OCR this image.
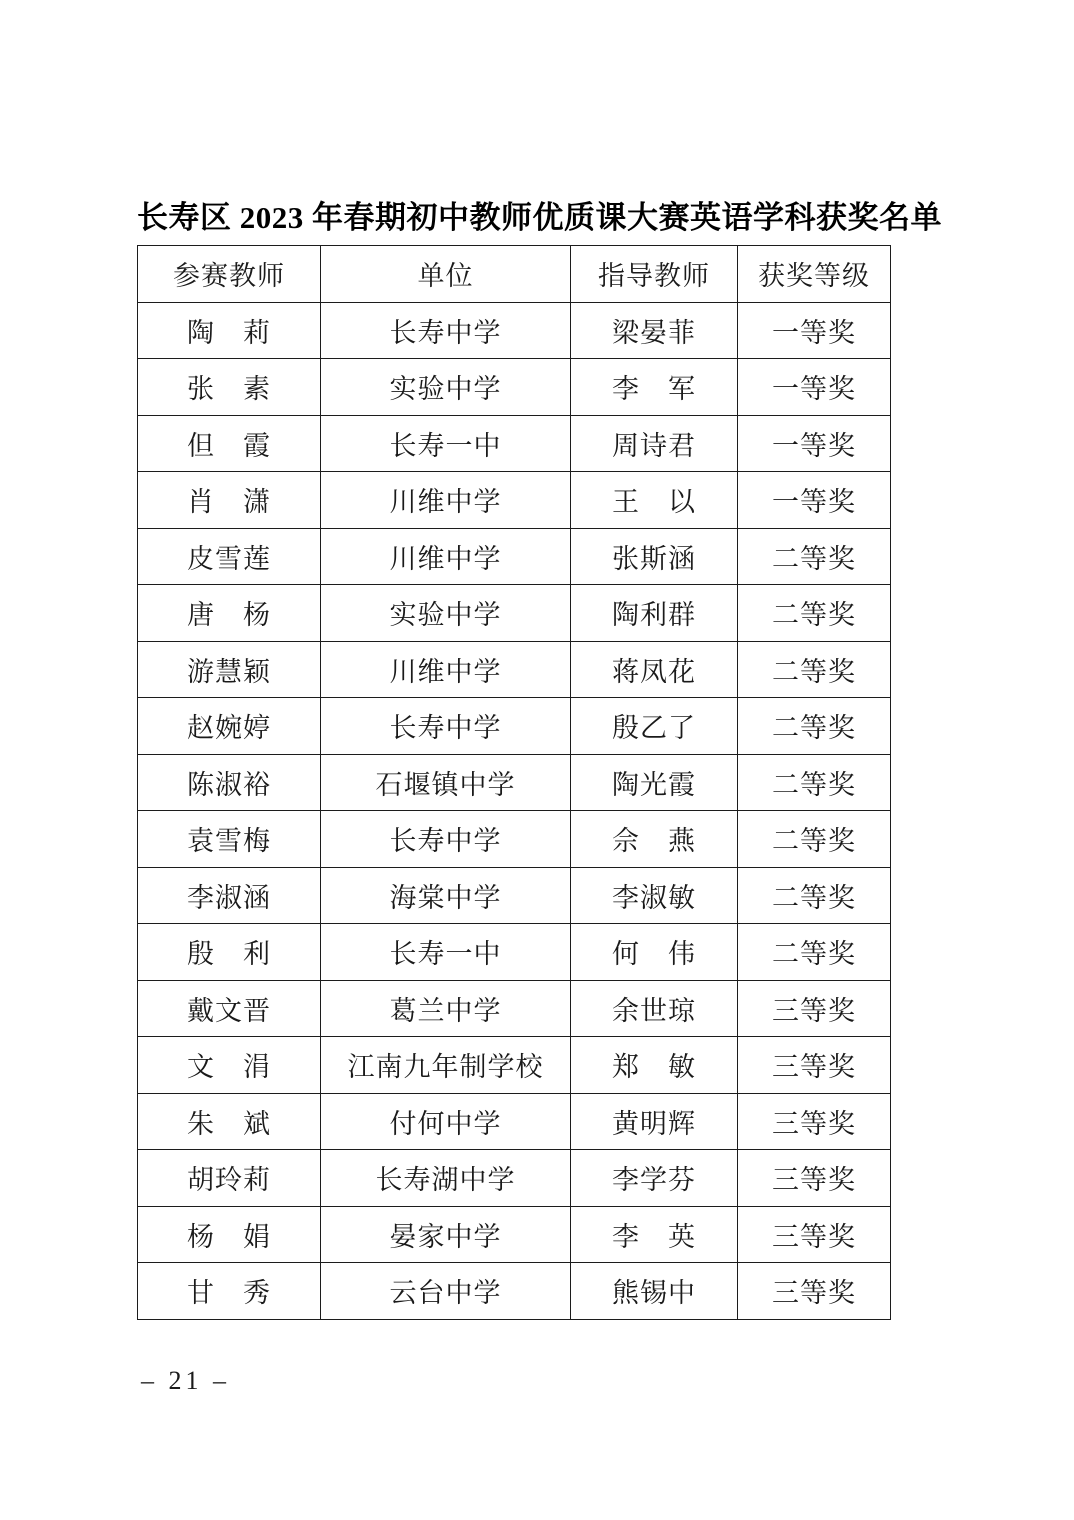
长寿区 2023 年春期初中教师优质课大赛英语学科获奖名单
参赛教师	单位	指导教师	获奖等级
陶　莉	长寿中学	梁晏菲	一等奖
张　素	实验中学	李　军	一等奖
但　霞	长寿一中	周诗君	一等奖
肖　潇	川维中学	王　以	一等奖
皮雪莲	川维中学	张斯涵	二等奖
唐　杨	实验中学	陶利群	二等奖
游慧颖	川维中学	蒋凤花	二等奖
赵婉婷	长寿中学	殷乙了	二等奖
陈淑裕	石堰镇中学	陶光霞	二等奖
袁雪梅	长寿中学	佘　燕	二等奖
李淑涵	海棠中学	李淑敏	二等奖
殷　利	长寿一中	何　伟	二等奖
戴文晋	葛兰中学	余世琼	三等奖
文　涓	江南九年制学校	郑　敏	三等奖
朱　斌	付何中学	黄明辉	三等奖
胡玲莉	长寿湖中学	李学芬	三等奖
杨　娟	晏家中学	李　英	三等奖
甘　秀	云台中学	熊锡中	三等奖
– 21 –
